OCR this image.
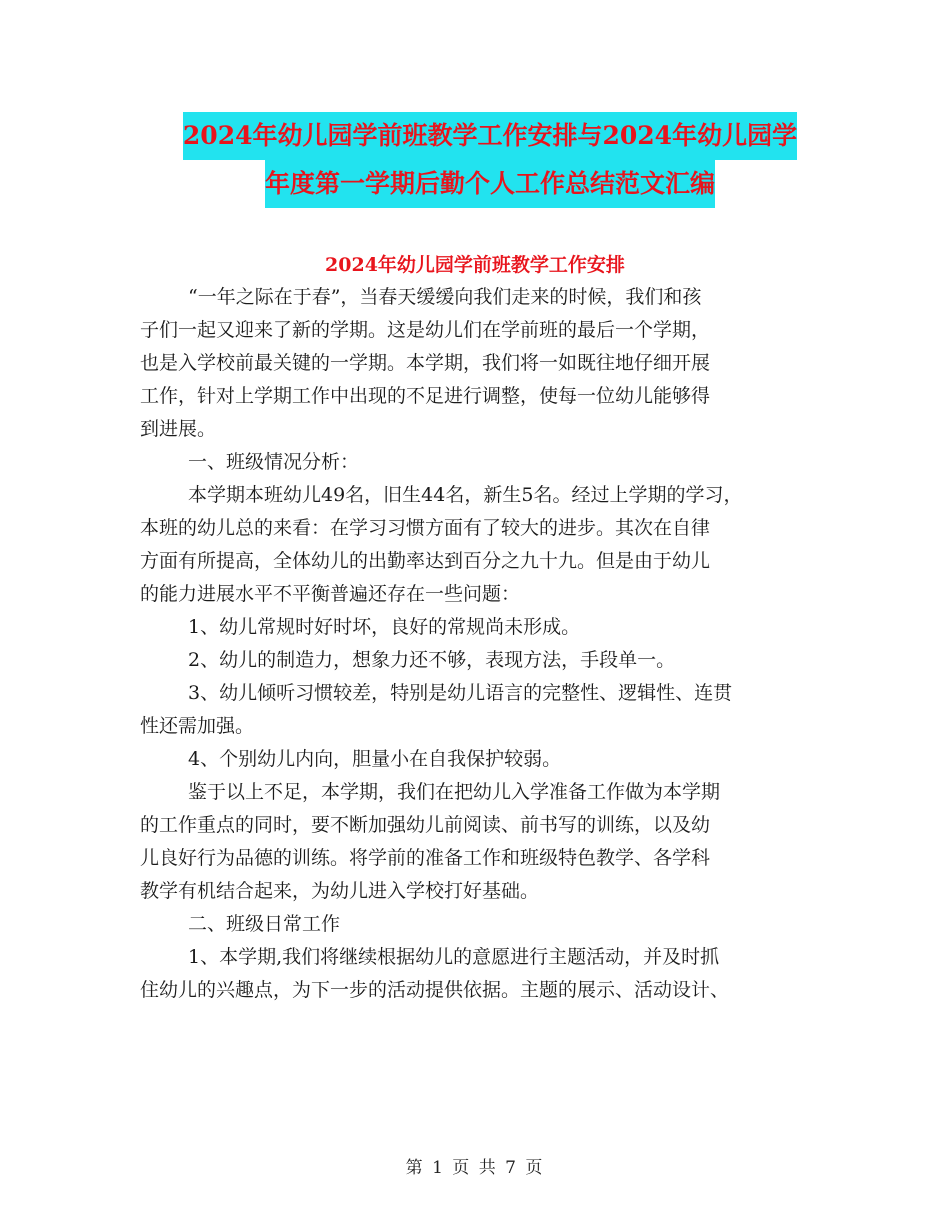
2024年幼儿园学前班教学工作安排与2024年幼儿园学
年度第一学期后勤个人工作总结范文汇编
2024年幼儿园学前班教学工作安排

“一年之际在于春”，当春天缓缓向我们走来的时候，我们和孩

子们一起又迎来了新的学期。这是幼儿们在学前班的最后一个学期，

也是入学校前最关键的一学期。本学期，我们将一如既往地仔细开展

工作，针对上学期工作中出现的不足进行调整，使每一位幼儿能够得

到进展。

一、班级情况分析：

本学期本班幼儿49名，旧生44名，新生5名。经过上学期的学习，

本班的幼儿总的来看：在学习习惯方面有了较大的进步。其次在自律

方面有所提高，全体幼儿的出勤率达到百分之九十九。但是由于幼儿

的能力进展水平不平衡普遍还存在一些问题：

1、幼儿常规时好时坏，良好的常规尚未形成。

2、幼儿的制造力，想象力还不够，表现方法，手段单一。

3、幼儿倾听习惯较差，特别是幼儿语言的完整性、逻辑性、连贯

性还需加强。

4、个别幼儿内向，胆量小在自我保护较弱。

鉴于以上不足，本学期，我们在把幼儿入学准备工作做为本学期

的工作重点的同时，要不断加强幼儿前阅读、前书写的训练，以及幼

儿良好行为品德的训练。将学前的准备工作和班级特色教学、各学科

教学有机结合起来，为幼儿进入学校打好基础。

二、班级日常工作

1、本学期,我们将继续根据幼儿的意愿进行主题活动，并及时抓

住幼儿的兴趣点，为下一步的活动提供依据。主题的展示、活动设计、

第 1 页 共 7 页
